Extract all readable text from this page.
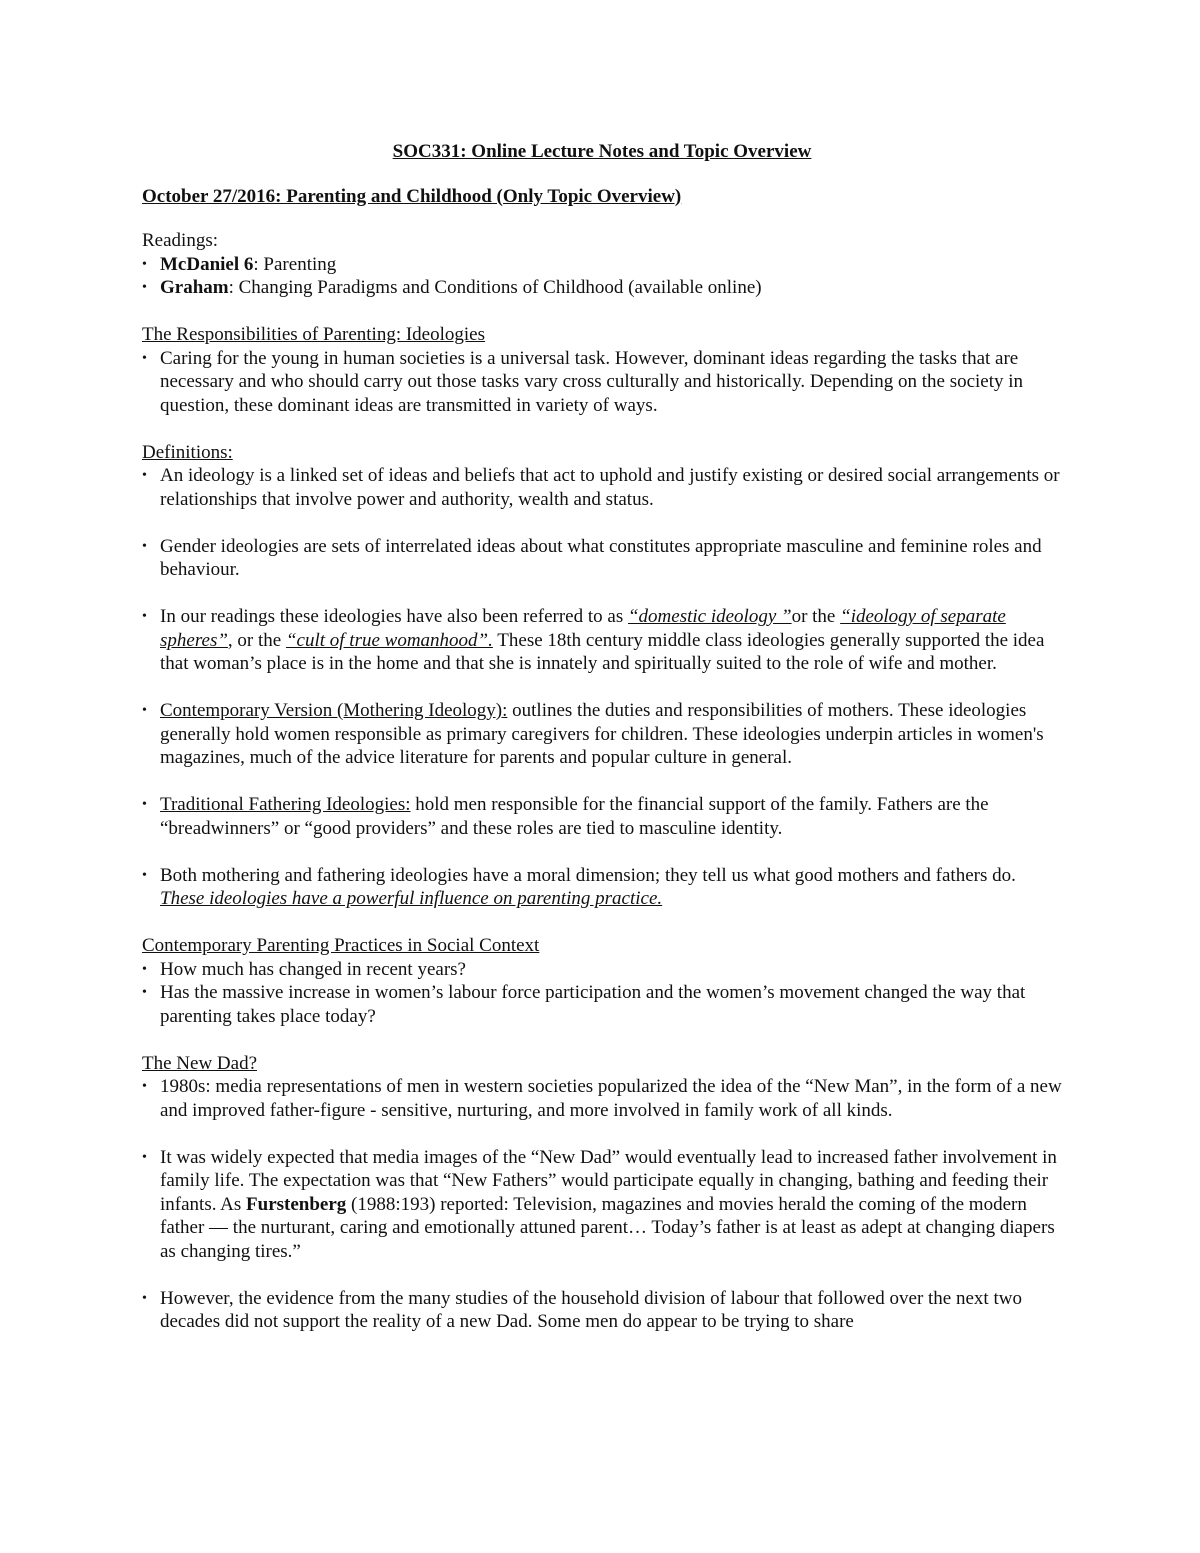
SOC331: Online Lecture Notes and Topic Overview

October 27/2016: Parenting and Childhood (Only Topic Overview)

Readings:

• McDaniel 6: Parenting
• Graham: Changing Paradigms and Conditions of Childhood (available online)

The Responsibilities of Parenting: Ideologies

• Caring for the young in human societies is a universal task. However, dominant ideas regarding the tasks that are necessary and who should carry out those tasks vary cross culturally and historically. Depending on the society in question, these dominant ideas are transmitted in variety of ways.

Definitions:

• An ideology is a linked set of ideas and beliefs that act to uphold and justify existing or desired social arrangements or relationships that involve power and authority, wealth and status.
• Gender ideologies are sets of interrelated ideas about what constitutes appropriate masculine and feminine roles and behaviour.
• In our readings these ideologies have also been referred to as “domestic ideology ”or the “ideology of separate spheres”, or the “cult of true womanhood”. These 18th century middle class ideologies generally supported the idea that woman’s place is in the home and that she is innately and spiritually suited to the role of wife and mother.
• Contemporary Version (Mothering Ideology): outlines the duties and responsibilities of mothers. These ideologies generally hold women responsible as primary caregivers for children. These ideologies underpin articles in women's magazines, much of the advice literature for parents and popular culture in general.
• Traditional Fathering Ideologies: hold men responsible for the financial support of the family. Fathers are the “breadwinners” or “good providers” and these roles are tied to masculine identity.
• Both mothering and fathering ideologies have a moral dimension; they tell us what good mothers and fathers do. These ideologies have a powerful influence on parenting practice.

Contemporary Parenting Practices in Social Context

• How much has changed in recent years?
• Has the massive increase in women’s labour force participation and the women’s movement changed the way that parenting takes place today?

The New Dad?

• 1980s: media representations of men in western societies popularized the idea of the “New Man”, in the form of a new and improved father-figure - sensitive, nurturing, and more involved in family work of all kinds.
• It was widely expected that media images of the “New Dad” would eventually lead to increased father involvement in family life. The expectation was that “New Fathers” would participate equally in changing, bathing and feeding their infants. As Furstenberg (1988:193) reported: Television, magazines and movies herald the coming of the modern father — the nurturant, caring and emotionally attuned parent… Today’s father is at least as adept at changing diapers as changing tires.”
• However, the evidence from the many studies of the household division of labour that followed over the next two decades did not support the reality of a new Dad. Some men do appear to be trying to share
